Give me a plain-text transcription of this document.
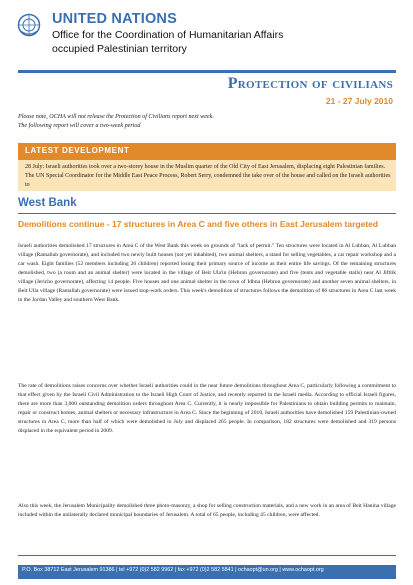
UNITED NATIONS
Office for the Coordination of Humanitarian Affairs
occupied Palestinian territory
Protection of civilians
21 - 27 July 2010
Please note, OCHA will not release the Protection of Civilians report next week.
The following report will cover a two-week period
LATEST DEVELOPMENT
28 July: Israeli authorities took over a two-storey house in the Muslim quarter of the Old City of East Jerusalem, displacing eight Palestinian families. The UN Special Coordinator for the Middle East Peace Process, Robert Serry, condemned the take over of the house and called on the Israeli authorities to
West Bank
Demolitions continue - 17 structures in Area C and five others in East Jerusalem targeted
Israeli authorities demolished 17 structures in Area C of the West Bank this week on grounds of "lack of permit." Ten structures were located in Al Lubban, Al Lubban village (Ramallah governorate), and included two newly built houses (not yet inhabited), two animal shelters, a stand for selling vegetables, a car repair workshop and a car wash. Eight families (52 members including 26 children) reported losing their primary source of income as their entire life savings. Of the remaining structures demolished, two (a room and an animal shelter) were located in the village of Beit Ula'in (Hebron governorate) and five (tents and vegetable stalls) near Al Jiftlik village (Jericho governorate), affecting 14 people. Five houses and one animal shelter in the town of Idhna (Hebron governorate) and another seven animal shelters, in Beit Ulla village (Ramallah governorate) were issued stop-work orders. This week's demolition of structures follows the demolition of 86 structures in Area C last week in the Jordan Valley and southern West Bank.
The rate of demolitions raises concerns over whether Israeli authorities could in the near future demolitions throughout Area C, particularly following a commitment to that effect given by the Israeli Civil Administration to the Israeli High Court of Justice, and recently reported in the Israeli media. According to official Israeli figures, there are more than 3,000 outstanding demolition orders throughout Area C. Currently, it is nearly impossible for Palestinians to obtain building permits to maintain, repair or construct homes, animal shelters or necessary infrastructure in Area C. Since the beginning of 2010, Israeli authorities have demolished 159 Palestinian-owned structures in Area C, more than half of which were demolished in July and displaced 265 people. In comparison, 182 structures were demolished and 319 persons displaced in the equivalent period in 2009.
Also this week, the Jerusalem Municipality demolished three photo-masonry, a shop for selling construction materials, and a new work in an area of Beit Hanina village included within the unilaterally declared municipal boundaries of Jerusalem. A total of 65 people, including 45 children, were affected.
P.O. Box 38712 East Jerusalem 91386 | tel +972 (0)2 582 9962 | fax +972 (0)2 582 5841 | ochaopt@un.org | www.ochaopt.org
